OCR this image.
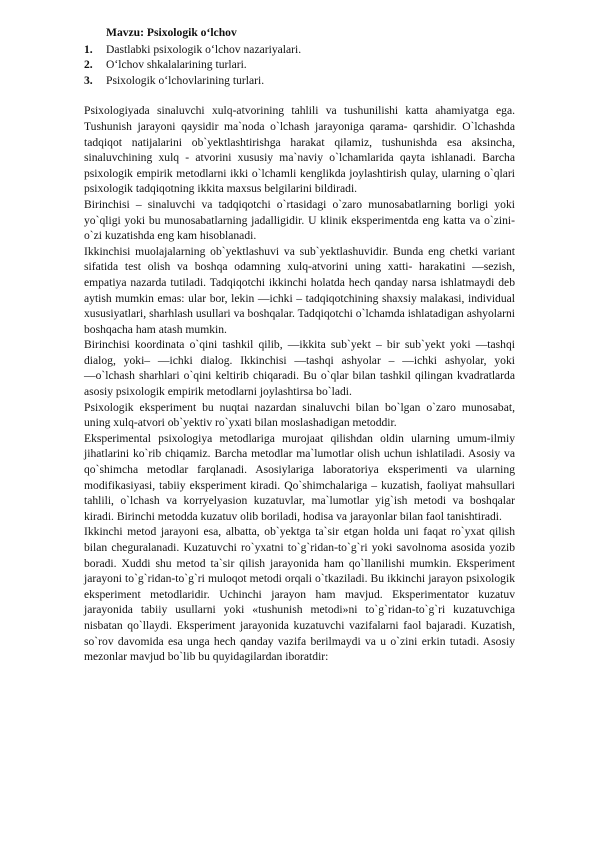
Mavzu: Psixologik oʻlchov
1.	Dastlabki psixologik oʻlchov nazariyalari.
2.	Oʻlchov shkalalarining turlari.
3.	Psixologik oʻlchovlarining turlari.

Psixologiyada sinaluvchi xulq-atvorining tahlili va tushunilishi katta ahamiyatga ega. Tushunish jarayoni qaysidir ma`noda o`lchash jarayoniga qarama- qarshidir. O`lchashda tadqiqot natijalarini ob`yektlashtirishga harakat qilamiz, tushunishda esa aksincha, sinaluvchining xulq - atvorini xususiy ma`naviy o`lchamlarida qayta ishlanadi. Barcha psixologik empirik metodlarni ikki o`lchamli kenglikda joylashtirish qulay, ularning o`qlari psixologik tadqiqotning ikkita maxsus belgilarini bildiradi.

Birinchisi – sinaluvchi va tadqiqotchi o`rtasidagi o`zaro munosabatlarning borligi yoki yo`qligi yoki bu munosabatlarning jadalligidir. U klinik eksperimentda eng katta va o`zini-o`zi kuzatishda eng kam hisoblanadi.

Ikkinchisi muolajalarning ob`yektlashuvi va sub`yektlashuvidir. Bunda eng chetki variant sifatida test olish va boshqa odamning xulq-atvorini uning xatti- harakatini ―sezish, empatiya nazarda tutiladi. Tadqiqotchi ikkinchi holatda hech qanday narsa ishlatmaydi deb aytish mumkin emas: ular bor, lekin ―ichki – tadqiqotchining shaxsiy malakasi, individual xususiyatlari, sharhlash usullari va boshqalar. Tadqiqotchi o`lchamda ishlatadigan ashyolarni boshqacha ham atash mumkin.

Birinchisi koordinata o`qini tashkil qilib, ―ikkita sub`yekt – bir sub`yekt yoki ―tashqi dialog, yoki– ―ichki dialog. Ikkinchisi ―tashqi ashyolar – ―ichki ashyolar, yoki ―o`lchash sharhlari o`qini keltirib chiqaradi. Bu o`qlar bilan tashkil qilingan kvadratlarda asosiy psixologik empirik metodlarni joylashtirsa bo`ladi.

Psixologik eksperiment bu nuqtai nazardan sinaluvchi bilan bo`lgan o`zaro munosabat, uning xulq-atvori ob`yektiv ro`yxati bilan moslashadigan metoddir.

Eksperimental psixologiya metodlariga murojaat qilishdan oldin ularning umum-ilmiy jihatlarini ko`rib chiqamiz. Barcha metodlar ma`lumotlar olish uchun ishlatiladi. Asosiy va qo`shimcha metodlar farqlanadi. Asosiylariga laboratoriya eksperimenti va ularning modifikasiyasi, tabiiy eksperiment kiradi. Qo`shimchalariga – kuzatish, faoliyat mahsullari tahlili, o`lchash va korryelyasion kuzatuvlar, ma`lumotlar yig`ish metodi va boshqalar kiradi. Birinchi metodda kuzatuv olib boriladi, hodisa va jarayonlar bilan faol tanishtiradi.

Ikkinchi metod jarayoni esa, albatta, ob`yektga ta`sir etgan holda uni faqat ro`yxat qilish bilan cheguralanadi. Kuzatuvchi ro`yxatni to`g`ridan-to`g`ri yoki savolnoma asosida yozib boradi. Xuddi shu metod ta`sir qilish jarayonida ham qo`llanilishi mumkin. Eksperiment jarayoni to`g`ridan-to`g`ri muloqot metodi orqali o`tkaziladi. Bu ikkinchi jarayon psixologik eksperiment metodlaridir. Uchinchi jarayon ham mavjud. Eksperimentator kuzatuv jarayonida tabiiy usullarni yoki «tushunish metodi»ni to`g`ridan-to`g`ri kuzatuvchiga nisbatan qo`llaydi. Eksperiment jarayonida kuzatuvchi vazifalarni faol bajaradi. Kuzatish, so`rov davomida esa unga hech qanday vazifa berilmaydi va u o`zini erkin tutadi. Asosiy mezonlar mavjud bo`lib bu quyidagilardan iboratdir:
